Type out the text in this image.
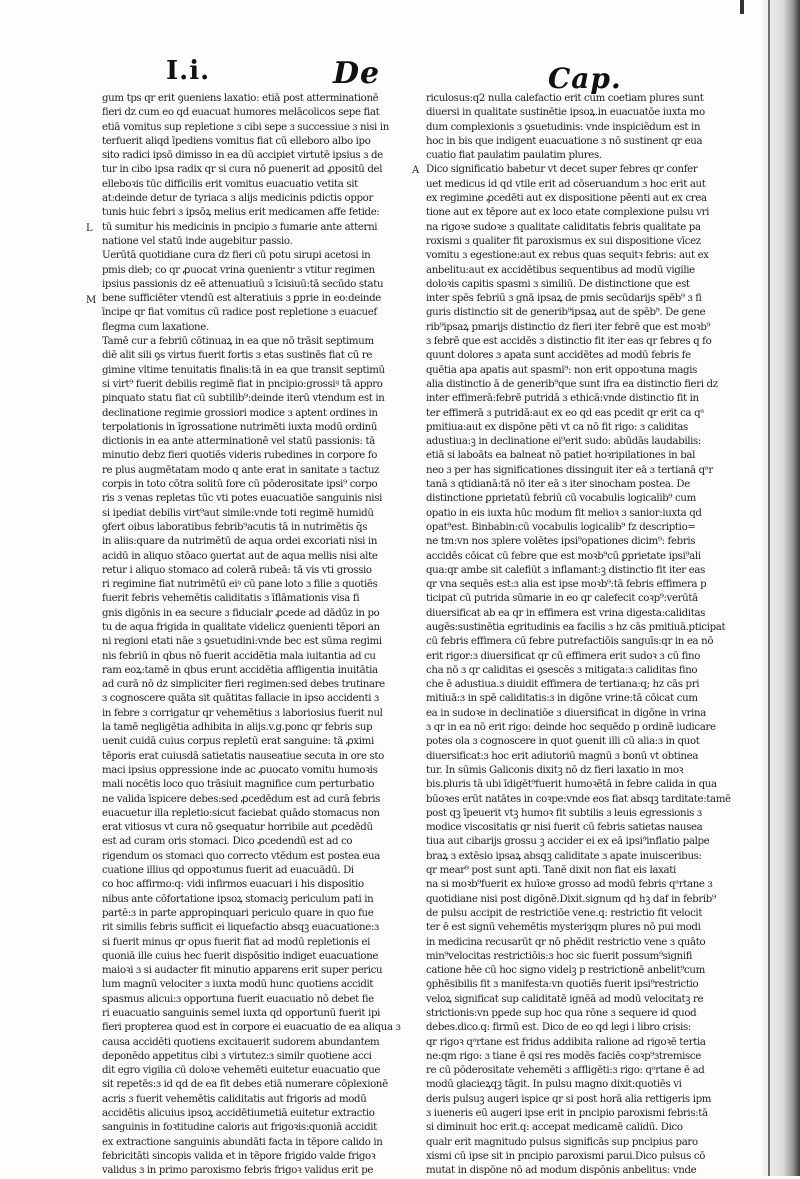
I.i.	De	Cap.
L
M
A
gum tps qr erit ꝯueniens laxatio: etiā post atterminationē
fieri dz cum eo qd euacuat humores melācolicos sepe fiat
etiā vomitus sup repletione ɜ cibi sepe ɜ successiue ɜ nisi in
terfuerit aliqd īpediens vomitus fiat cū elleboro albo ipo
sito radici ipsō dimisso in ea dū accipiet virtutē ipsius ɜ de
tur in cibo ipsa radix qr si cura nō ꝑuenerit ad ꝓpositū del
elleboꝛis tūc difficilis erit vomitus euacuatio vetita sit
at:deinde detur de tyriaca ɜ alijs medicinis pdictis oppor
tunis huic febri ɜ ipsōꝝ melius erit medicamen affe fetide:
tū sumitur his medicinis in pncipio ɜ fumarie ante atterni
natione vel statū inde augebitur passio.
Uerūtā quotidiane cura dz fieri cū potu sirupi acetosi in
pmis dieb; co qr ꝓuocat vrina ꝯuenientr ɜ vtitur regimen
ipsius passionis dz eē attenuatiuū ɜ īcisiuū:tā secūdo statu
bene sufficiēter vtendū est alteratiuis ɜ ꝑprie in eo:deinde
īncipe qr fiat vomitus cū radice post repletione ɜ euacuef
flegma cum laxatione.
Tamē cur a febriū cōtinuaꝝ in ea que nō trāsit septimum
diē alit sili ꝯs virtus fuerit fortis ɜ etas sustinēs fiat cū re
gimine vltime tenuitatis finalis:tā in ea que transit septimū
si virt⁹ fuerit debilis regimē fiat in pncipio:grossiꝰ tā appro
pinquato statu fiat cū subtilib⁹:deinde iterū vtendum est in
declinatione regimie grossiori modice ɜ aptent ordines in
terpolationis in īgrossatione nutrimēti iuxta modū ordinū
dictionis in ea ante atterminationē vel statū passionis: tā
minutio debz fieri quotiēs videris rubedines in corpore fo
re plus augmētatam modo q ante erat in sanitate ɜ tactuz
corpis in toto cōtra solitū fore cū pōderositate ipsi⁹ corpo
ris ɜ venas repletas tūc vti potes euacuatiōe sanguinis nisi
si ipediat debilis virt⁹aut simile:vnde toti regimē humidū
ꝯfert oibus laboratibus febrib⁹acutis tā in nutrimētis q̄s
in aliis:quare da nutrimētū de aqua ordei excoriati nisi in
acidū in aliquo stōaco ꝯuertat aut de aqua mellis nisi alte
retur i aliquo stomaco ad colerā rubeā: tā vis vti grossio
ri regimine fiat nutrimētū eiꝰ cū pane loto ɜ filie ɜ quotiēs
fuerit febris vehemētis caliditatis ɜ īflāmationis visa fi
gnis digōnis in ea secure ɜ fiducialr ꝓcede ad dādūz in po
tu de aqua frigida in qualitate videlicz ꝯuenienti tēpori an
ni regioni etati nāe ɜ ꝯsuetudini:vnde bec est sūma regimi
nis febriū in qbus nō fuerit accidētia mala iuitantia ad cu
ram eoꝝ:tamē in qbus erunt accidētia affligentia inuitātia
ad curā nō dz simpliciter fieri regimen:sed debes trutinare
ɜ cognoscere quāta sit quātitas fallacie in ipso accidenti ɜ
in febre ɜ corrigatur qr vehemētius ɜ laboriosius fuerit nul
la tamē negligētia adhibita in alijs.v.g.ponc qr febris sup
uenit cuidā cuius corpus repletū erat sanguine: tā ꝓximi
tēporis erat cuiusdā satietatis nauseatiue secuta in ore sto
maci ipsius oppressione inde ac ꝓuocato vomitu humoꝛis
mali nocētis loco quo trāsiuit magnifice cum perturbatio
ne valida īspicere debes:sed ꝓcedēdum est ad curā febris
euacuetur illa repletio:sicut faciebat quādo stomacus non
erat vitiosus vt cura nō ꝯsequatur horribile aut ꝓcedēdū
est ad curam oris stomaci. Dico ꝓcedendū est ad co
rigendum os stomaci quo correcto vtēdum est postea eua
cuatione illius qd oppoꝛtunus fuerit ad euacuādū. Di
co hoc affirmo:q: vidi infirmos euacuari i his dispositio
nibus ante cōfortatione ipsoꝝ stomaciꝫ periculum pati in
partē:ɜ in parte appropinquari periculo quare in quo fue
rit similis febris sufficit ei liquefactio absqꝫ euacuatione:ɜ
si fuerit minus qr opus fuerit fiat ad modū repletionis ei
quoniā ille cuius hec fuerit dispōsitio indiget euacuatione
maioꝛi ɜ si audacter fit minutio apparens erit super pericu
lum magnū velociter ɜ iuxta modū hunc quotiens accidit
spasmus alicui:ɜ opportuna fuerit euacuatio nō debet fie
ri euacuatio sanguinis semel iuxta qd opportunū fuerit ipi
fieri propterea quod est in corpore ei euacuatio de ea aliqua ɜ
causa accidēti quotiens excitauerit sudorem abundantem
deponēdo appetitus cibi ɜ virtutez:ɜ similr quotiene acci
dit egro vigilia cū doloꝛe vehemēti euitetur euacuatio que
sit repetēs:ɜ id qd de ea fit debes etiā numerare cōplexionē
acris ɜ fuerit vehemētis caliditatis aut frigoris ad modū
accidētis alicuius ipsoꝝ accidētiumetiā euitetur extractio
sanguinis in foꝛtitudine caloris aut frigoꝛis:quoniā accidit
ex extractione sanguinis abundāti facta in tēpore calido in
febricitāti sincopis valida et in tēpore frigido valde frigoꝛ
validus ɜ in primo paroxismo febris frigoꝛ validus erit pe
riculosus:q2 nulla calefactio erit cum coetiam plures sunt
diuersi in qualitate sustinētie ipsoꝝ.in euacuatōe iuxta mo
dum complexionis ɜ ꝯsuetudinis: vnde inspiciēdum est in
hoc in bis que indigent euacuatione ɜ nō sustinent qr eua
cuatio fiat paulatim paulatim plures.
Dico significatio babetur vt decet super febres qr confer
uet medicus id qd vtile erit ad cōseruandum ɜ hoc erit aut
ex regimine ꝓcedēti aut ex dispositione pēenti aut ex crea
tione aut ex tēpore aut ex loco etate complexione pulsu vri
na rigoꝛe sudoꝛe ɜ qualitate caliditatis febris qualitate pa
roxismi ɜ qualiter fit paroxismus ex sui dispositione vīcez
vomitu ɜ egestione:aut ex rebus quas sequitꝛ febris: aut ex
anbelitu:aut ex accidētibus sequentibus ad modū vigilie
doloꝛis capitis spasmi ɜ similiū. De distinctione que est
inter spēs febriū ɜ gnā ipsaꝝ de pmis secūdarijs spēb⁹ ɜ fi
guris distinctio sit de generib⁹ipsaꝝ aut de spēb⁹. De gene
rib⁹ipsaꝝ pmarijs distinctio dz fieri iter febrē que est moꝛb⁹
ɜ febrē que est accidēs ɜ distinctio fit iter eas qr febres q fo
quunt dolores ɜ apata sunt accidētes ad modū febris fe
quētia apa apatis aut spasmi⁹: non erit oppoꝛtuna magis
alia distinctio ā de generib⁹que sunt ifra ea distinctio fieri dz
inter effimerā:febrē putridā ɜ ethicā:vnde distinctio fit in
ter effimerā ɜ putridā:aut ex eo qd eas pcedit qr erit ca qᵃ
pmitiua:aut ex dispōne pēti vt ca nō fit rigo: ɜ caliditas
adustiua:ꝫ in declinatione ei⁹erit sudo: abūdās laudabilis:
etiā si laboāts ea balneat nō patiet hoꝛripilationes in bal
neo ɜ per has significationes dissinguit iter eā ɜ tertianā qᵃr
tanā ɜ qtidianā:tā nō iter eā ɜ iter sinocham postea. De
distinctione ꝑprietatū febriū cū vocabulis logicalib⁹ cum
opatio in eis iuxta hūc modum fit melioꝛ ɜ sanior:iuxta qd
opat⁹est. Binbabin:cū vocabulis logicalib⁹ fz descriptio=
ne tm:vn nos ɜplere volētes ipsi⁹opationes dicim⁹: febris
accidēs cōicat cū febre que est moꝛb⁹cū ꝑprietate ipsi⁹ali
qua:qr ambe sit calefiūt ɜ inflamant:ꝫ distinctio fit iter eas
qr vna sequēs est:ɜ alia est ipse moꝛb⁹:tā febris effimera p
ticipat cū putrida sūmarie in eo qr calefecit coꝛp⁹:verūtā
diuersificat ab ea qr in effimera est vrina digesta:caliditas
augēs:sustinētia egritudinis ea facilis ɜ hz cās pmitiuā.pticipat
cū febris effimera cū febre putrefactiōis sanguīs:qr in ea nō
erit rigor:ɜ diuersificat qr cū effimera erit sudoꝛ ɜ cū fino
cha nō ɜ qr caliditas ei ꝯsescēs ɜ mitigata:ɜ caliditas fino
che ē adustiua.ɜ diuidit effimera de tertiana:q; hz cās pri
mitiuā:ɜ in spē caliditatis:ɜ in digōne vrine:tā cōicat cum
ea in sudoꝛe in declinatiōe ɜ diuersificat in digōne in vrina
ɜ qr in ea nō erit rigo: deinde hoc sequēdo p ordinē iudicare
potes ola ɜ cognoscere in quot ꝯuenit illi cū alia:ɜ in quot
diuersificat:ɜ hoc erit adiutoriū magnū ɜ bonū vt obtinea
tur. In sūmis Galiconis dixitꝫ nō dz fieri laxatio in moꝛ
bis.pluris tā ubi īdigēt⁹fuerit humoꝛētā in febre calida in qua
būoꝛes erūt natātes in coꝛpe:vnde eos fiat absqꝫ tarditate:tamē
post qꝫ īpeuerit vtꝫ humoꝛ fit subtilis ɜ leuis egressionis ɜ
modice viscositatis qr nisi fuerit cū febris satietas nausea
tiua aut cibarijs grossu ꝫ accider ei ex eā ipsi⁹inflatio palpe
braꝝ ɜ extēsio ipsaꝝ absqꝫ caliditate ɜ apate inuisceribus:
qr mear⁹ post sunt apti. Tanē dixit non fiat eis laxati
na si moꝛb⁹fuerit ex huīoꝛe grosso ad modū febris qᵃrtane ɜ
quotidiane nisi post digōnē.Dixit.signum qd hꝫ daf in febrib⁹
de pulsu accipit de restrictiōe vene.q: restrictio fit velocit
ter ē est signū vehemētis mysteriȝqm plures nō pui modi
in medicina recusarūt qr nō ꝑhēdit restrictio vene ɜ quāto
min⁹velocitas restrictiōis:ɜ hoc sic fuerit possum⁹signifi
catione hēe cū hoc signo videlꝫ p restrictionē anbelit⁹cum
ꝯphēsibilis fit ɜ manifesta:vn quotiēs fuerit ipsi⁹restrictio
veloꝝ significat sup caliditatē ignēā ad modū velocitatꝫ re
strictionis:vn pꝑede sup hoc qua rōne ɜ sequere id quod
debes.dico.q: firmū est. Dico de eo qd legi i libro crisis:
qr rigoꝛ qᵃrtane est fridus addibita ralione ad rigoꝛē tertia
ne:qm rigo: ɜ tiane ē qsi res modēs faciēs coꝛp⁹ɜtremisce
re cū pōderositate vehemēti ɜ affligēti:ɜ rigo: qᵃrtane ē ad
modū glacieꝝqꝫ tāgit. In pulsu magno dixit:quotiēs vi
deris pulsuꝫ augeri ispice qr si post horā alia rettigeris ipm
ɜ iueneris eū augeri ipse erit in pncipio paroxismi febris:tā
si diminuit hoc erit.q: accepat medicamē calidū. Dico
qualr erit magnitudo pulsus significās sup pncipius paro
xismi cū ipse sit in pncipio paroxismi parui.Dico pulsus cō
mutat in dispōne nō ad modum dispōnis anbelitus: vnde
